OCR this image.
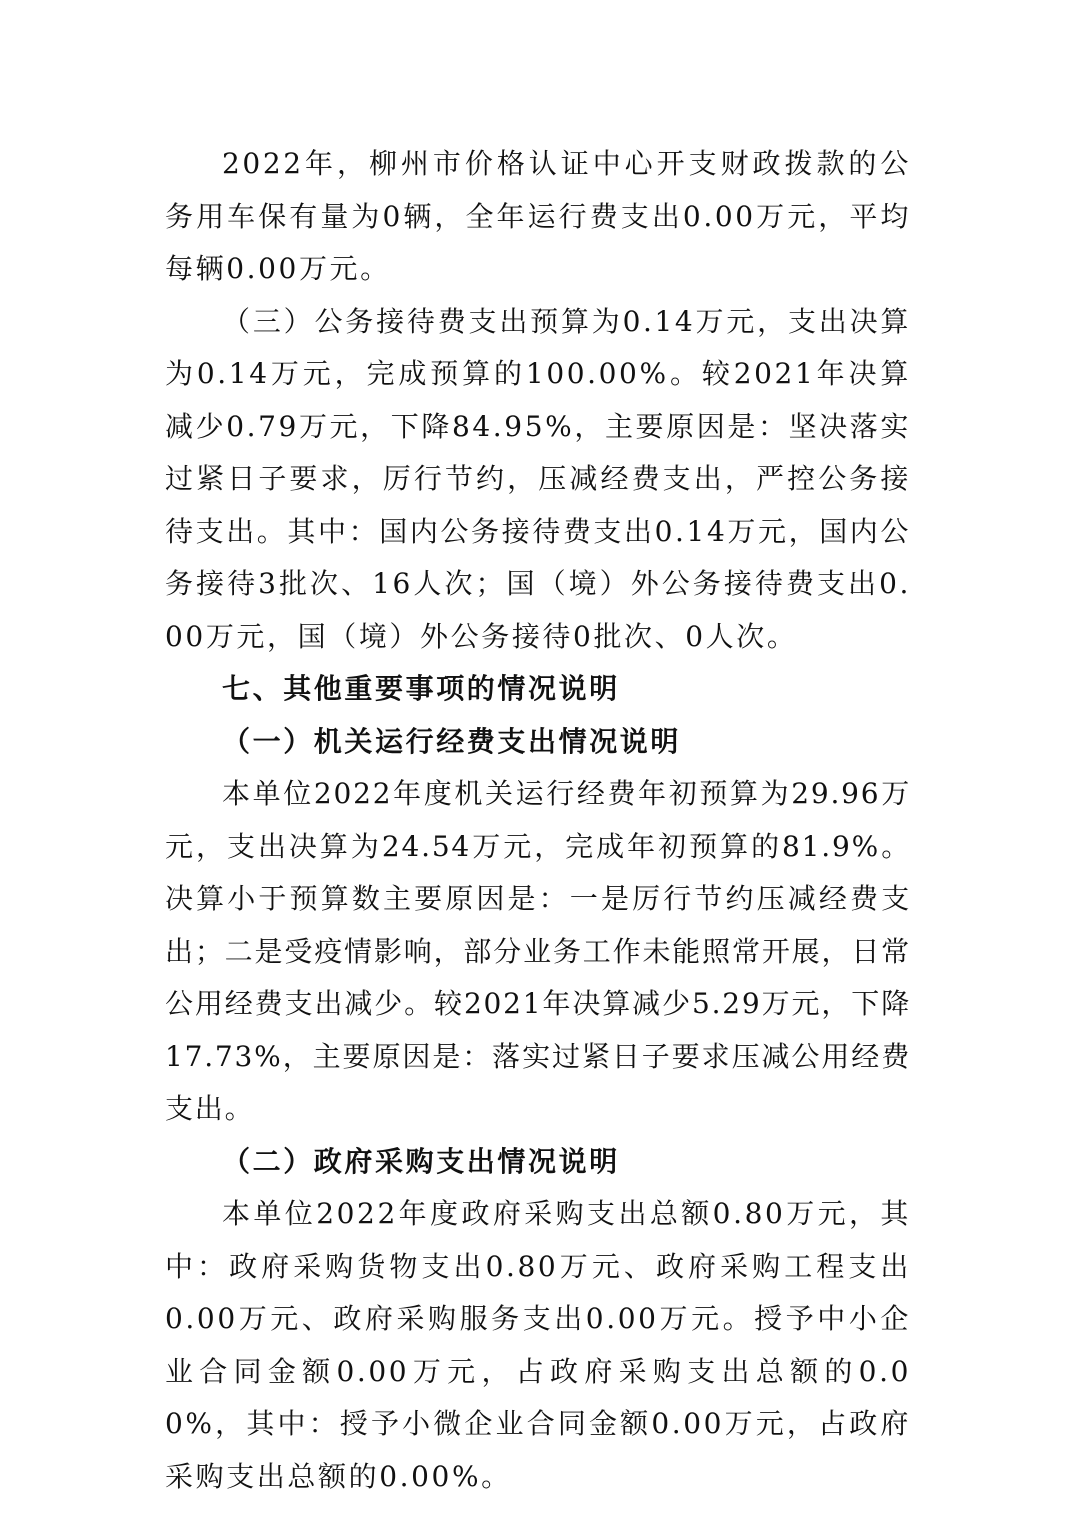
2022年，柳州市价格认证中心开支财政拨款的公务用车保有量为0辆，全年运行费支出0.00万元，平均每辆0.00万元。

（三）公务接待费支出预算为0.14万元，支出决算为0.14万元，完成预算的100.00%。较2021年决算减少0.79万元，下降84.95%，主要原因是：坚决落实过紧日子要求，厉行节约，压减经费支出，严控公务接待支出。其中：国内公务接待费支出0.14万元，国内公务接待3批次、16人次；国（境）外公务接待费支出0.00万元，国（境）外公务接待0批次、0人次。

七、其他重要事项的情况说明

（一）机关运行经费支出情况说明

本单位2022年度机关运行经费年初预算为29.96万元，支出决算为24.54万元，完成年初预算的81.9%。决算小于预算数主要原因是：一是厉行节约压减经费支出；二是受疫情影响，部分业务工作未能照常开展，日常公用经费支出减少。较2021年决算减少5.29万元，下降17.73%，主要原因是：落实过紧日子要求压减公用经费支出。

（二）政府采购支出情况说明

本单位2022年度政府采购支出总额0.80万元，其中：政府采购货物支出0.80万元、政府采购工程支出0.00万元、政府采购服务支出0.00万元。授予中小企业合同金额0.00万元，占政府采购支出总额的0.00%，其中：授予小微企业合同金额0.00万元，占政府采购支出总额的0.00%。
